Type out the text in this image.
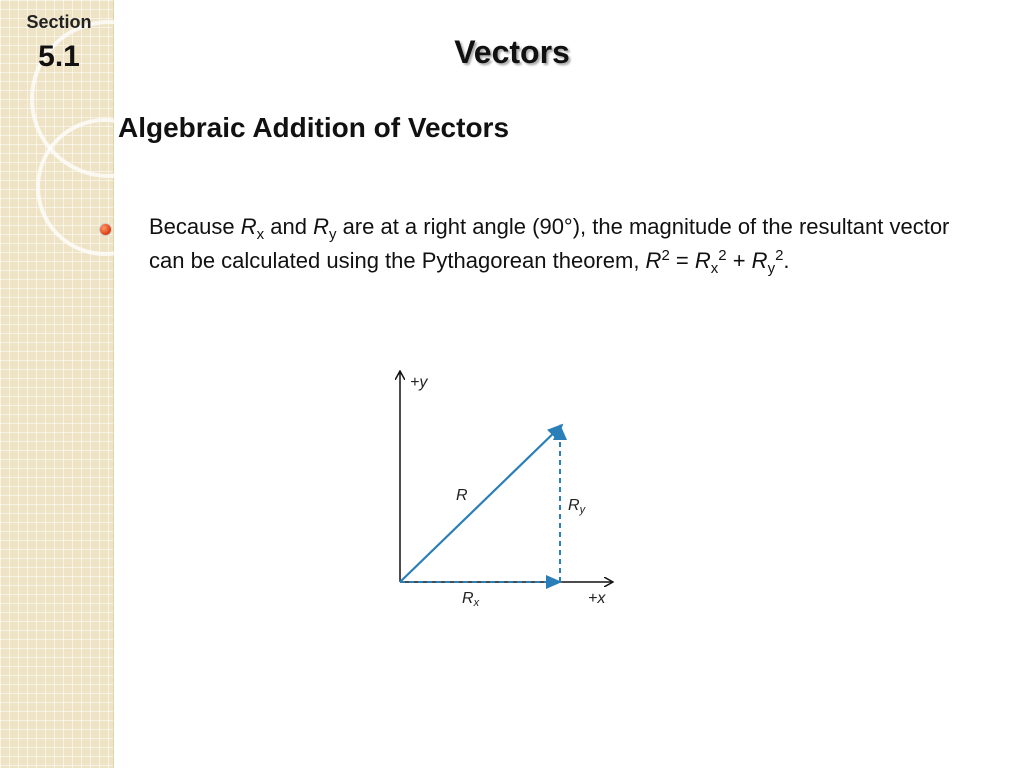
Section
5.1	Vectors
Algebraic Addition of Vectors
Because $R_x$ and $R_y$ are at a right angle (90°), the magnitude of the resultant vector can be calculated using the Pythagorean theorem, $R^2 = R_x^2 + R_y^2$.
+y
+x
R
Rx
Ry
